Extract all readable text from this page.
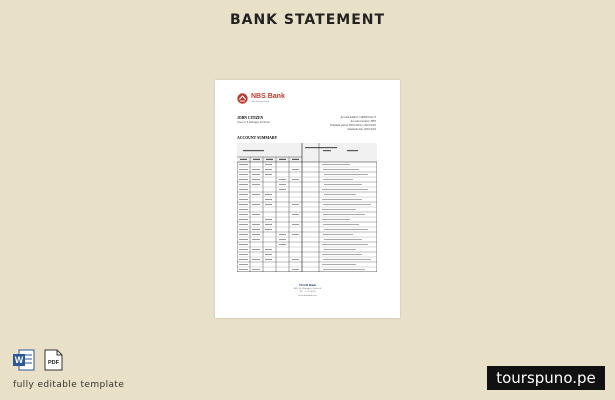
BANK STATEMENT
NBS Bank
Your Savings Bank
JOHN CITIZEN
Jones St. 8 Zürbagen, Eschweil
Account number: 1490827161173
Account Currency: PEN
Statement period: 09/01/2019 to 29/01/2022
Statement date: 29/01/2022
ACCOUNT SUMMARY
TOUR Bank
8821 St. Zürbagen, Eschweil
Tel. +1 555 0199
www.nbsbank.com
W	PDF
fully editable template	tourspuno.pe
